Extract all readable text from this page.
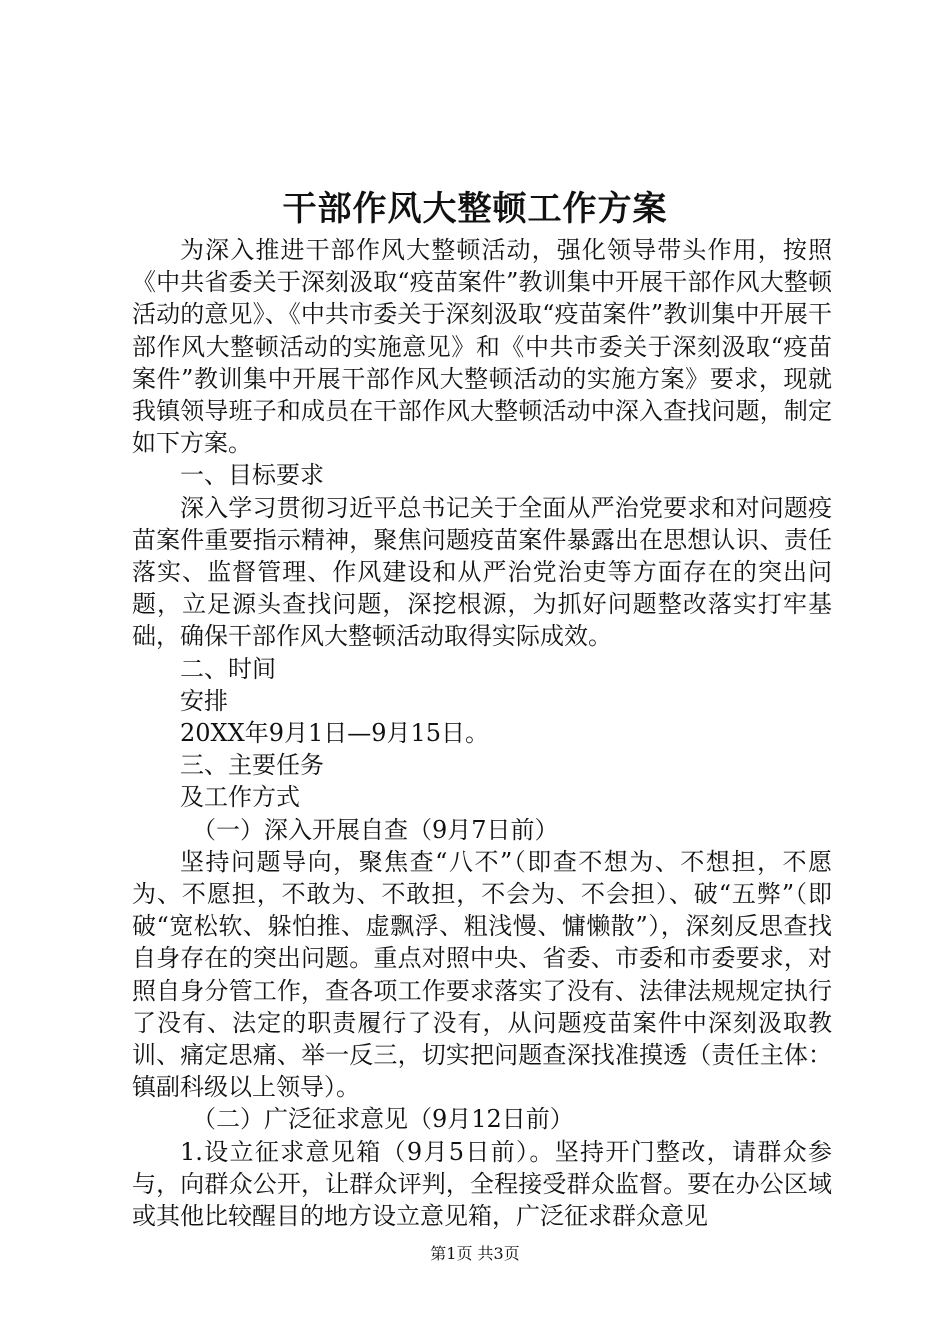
干部作风大整顿工作方案

为深入推进干部作风大整顿活动，强化领导带头作用，按照《中共省委关于深刻汲取“疫苗案件”教训集中开展干部作风大整顿活动的意见》、《中共市委关于深刻汲取“疫苗案件”教训集中开展干部作风大整顿活动的实施意见》和《中共市委关于深刻汲取“疫苗案件”教训集中开展干部作风大整顿活动的实施方案》要求，现就我镇领导班子和成员在干部作风大整顿活动中深入查找问题，制定如下方案。

一、目标要求

深入学习贯彻习近平总书记关于全面从严治党要求和对问题疫苗案件重要指示精神，聚焦问题疫苗案件暴露出在思想认识、责任落实、监督管理、作风建设和从严治党治吏等方面存在的突出问题，立足源头查找问题，深挖根源，为抓好问题整改落实打牢基础，确保干部作风大整顿活动取得实际成效。

二、时间

安排

20XX年9月1日—9月15日。

三、主要任务

及工作方式

（一）深入开展自查（9月7日前）

坚持问题导向，聚焦查“八不”（即查不想为、不想担，不愿为、不愿担，不敢为、不敢担，不会为、不会担）、破“五弊”（即破“宽松软、躲怕推、虚飘浮、粗浅慢、慵懒散”），深刻反思查找自身存在的突出问题。重点对照中央、省委、市委和市委要求，对照自身分管工作，查各项工作要求落实了没有、法律法规规定执行了没有、法定的职责履行了没有，从问题疫苗案件中深刻汲取教训、痛定思痛、举一反三，切实把问题查深找准摸透（责任主体：镇副科级以上领导）。

（二）广泛征求意见（9月12日前）

1.设立征求意见箱（9月5日前）。坚持开门整改，请群众参与，向群众公开，让群众评判，全程接受群众监督。要在办公区域或其他比较醒目的地方设立意见箱，广泛征求群众意见

第1页 共3页
